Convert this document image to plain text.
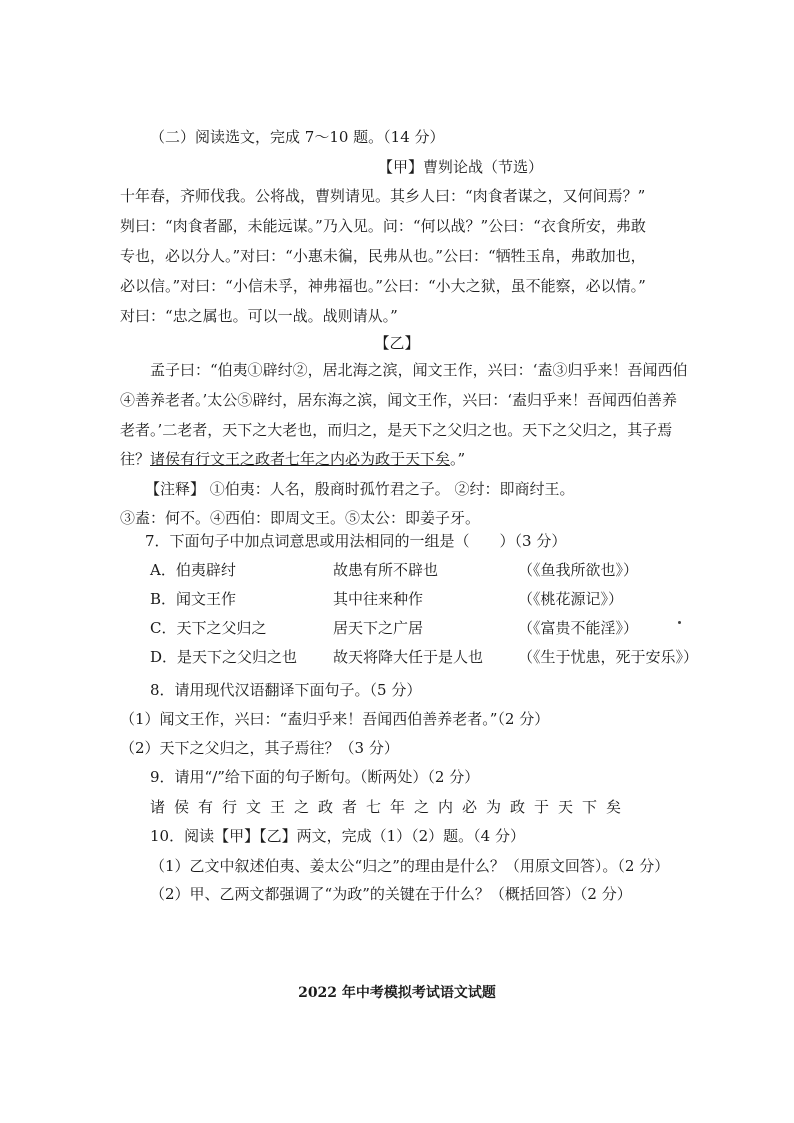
（二）阅读选文，完成 7～10 题。（14 分）
【甲】曹刿论战（节选）
十年春，齐师伐我。公将战，曹刿请见。其乡人曰：“肉食者谋之，又何间焉？”
刿曰：“肉食者鄙，未能远谋。”乃入见。问：“何以战？”公曰：“衣食所安，弗敢
专也，必以分人。”对曰：“小惠未徧，民弗从也。”公曰：“牺牲玉帛，弗敢加也，
必以信。”对曰：“小信未孚，神弗福也。”公曰：“小大之狱，虽不能察，必以情。”
对曰：“忠之属也。可以一战。战则请从。”
【乙】
孟子曰：“伯夷①辟纣②，居北海之滨，闻文王作，兴曰：‘盍③归乎来！吾闻西伯
④善养老者。’太公⑤辟纣，居东海之滨，闻文王作，兴曰：‘盍归乎来！吾闻西伯善养
老者。’二老者，天下之大老也，而归之，是天下之父归之也。天下之父归之，其子焉
往？诸侯有行文王之政者七年之内必为政于天下矣。”
【注释】 ①伯夷：人名，殷商时孤竹君之子。 ②纣：即商纣王。
③盍：何不。④西伯：即周文王。⑤太公：即姜子牙。
7．下面句子中加点词意思或用法相同的一组是（　　）（3 分）
A．伯夷辟纣	故患有所不辟也	（《鱼我所欲也》）
B．闻文王作	其中往来种作	（《桃花源记》）
C．天下之父归之	居天下之广居	（《富贵不能淫》）
D．是天下之父归之也 故天将降大任于是人也 （《生于忧患，死于安乐》）
8．请用现代汉语翻译下面句子。（5 分）
（1）闻文王作，兴曰：“盍归乎来！吾闻西伯善养老者。”（2 分）
（2）天下之父归之，其子焉往？（3 分）
9．请用“/”给下面的句子断句。（断两处）（2 分）
诸侯有行文王之政者七年之内必为政于天下矣
10．阅读【甲】【乙】两文，完成（1）（2）题。（4 分）
（1）乙文中叙述伯夷、姜太公“归之”的理由是什么？（用原文回答）。（2 分）
（2）甲、乙两文都强调了“为政”的关键在于什么？（概括回答）（2 分）
2022 年中考模拟考试语文试题
